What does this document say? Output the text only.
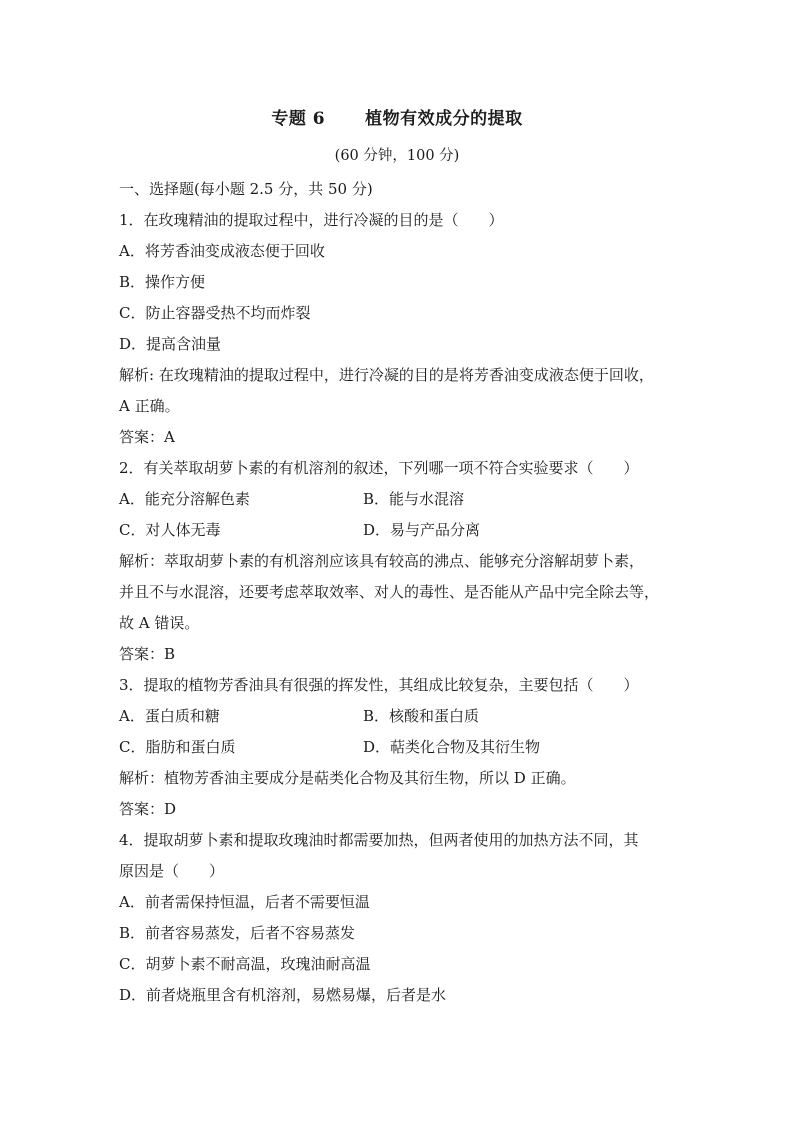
专题 6 植物有效成分的提取
(60 分钟，100 分)
一、选择题(每小题 2.5 分，共 50 分)
1．在玫瑰精油的提取过程中，进行冷凝的目的是（　　）
A．将芳香油变成液态便于回收
B．操作方便
C．防止容器受热不均而炸裂
D．提高含油量
解析: 在玫瑰精油的提取过程中，进行冷凝的目的是将芳香油变成液态便于回收，
A 正确。
答案：A
2．有关萃取胡萝卜素的有机溶剂的叙述，下列哪一项不符合实验要求（　　）
A．能充分溶解色素	B．能与水混溶
C．对人体无毒	D．易与产品分离
解析：萃取胡萝卜素的有机溶剂应该具有较高的沸点、能够充分溶解胡萝卜素，
并且不与水混溶，还要考虑萃取效率、对人的毒性、是否能从产品中完全除去等，
故 A 错误。
答案：B
3．提取的植物芳香油具有很强的挥发性，其组成比较复杂，主要包括（　　）
A．蛋白质和糖	B．核酸和蛋白质
C．脂肪和蛋白质	D．萜类化合物及其衍生物
解析：植物芳香油主要成分是萜类化合物及其衍生物，所以 D 正确。
答案：D
4．提取胡萝卜素和提取玫瑰油时都需要加热，但两者使用的加热方法不同，其
原因是（　　）
A．前者需保持恒温，后者不需要恒温
B．前者容易蒸发，后者不容易蒸发
C．胡萝卜素不耐高温，玫瑰油耐高温
D．前者烧瓶里含有机溶剂，易燃易爆，后者是水
